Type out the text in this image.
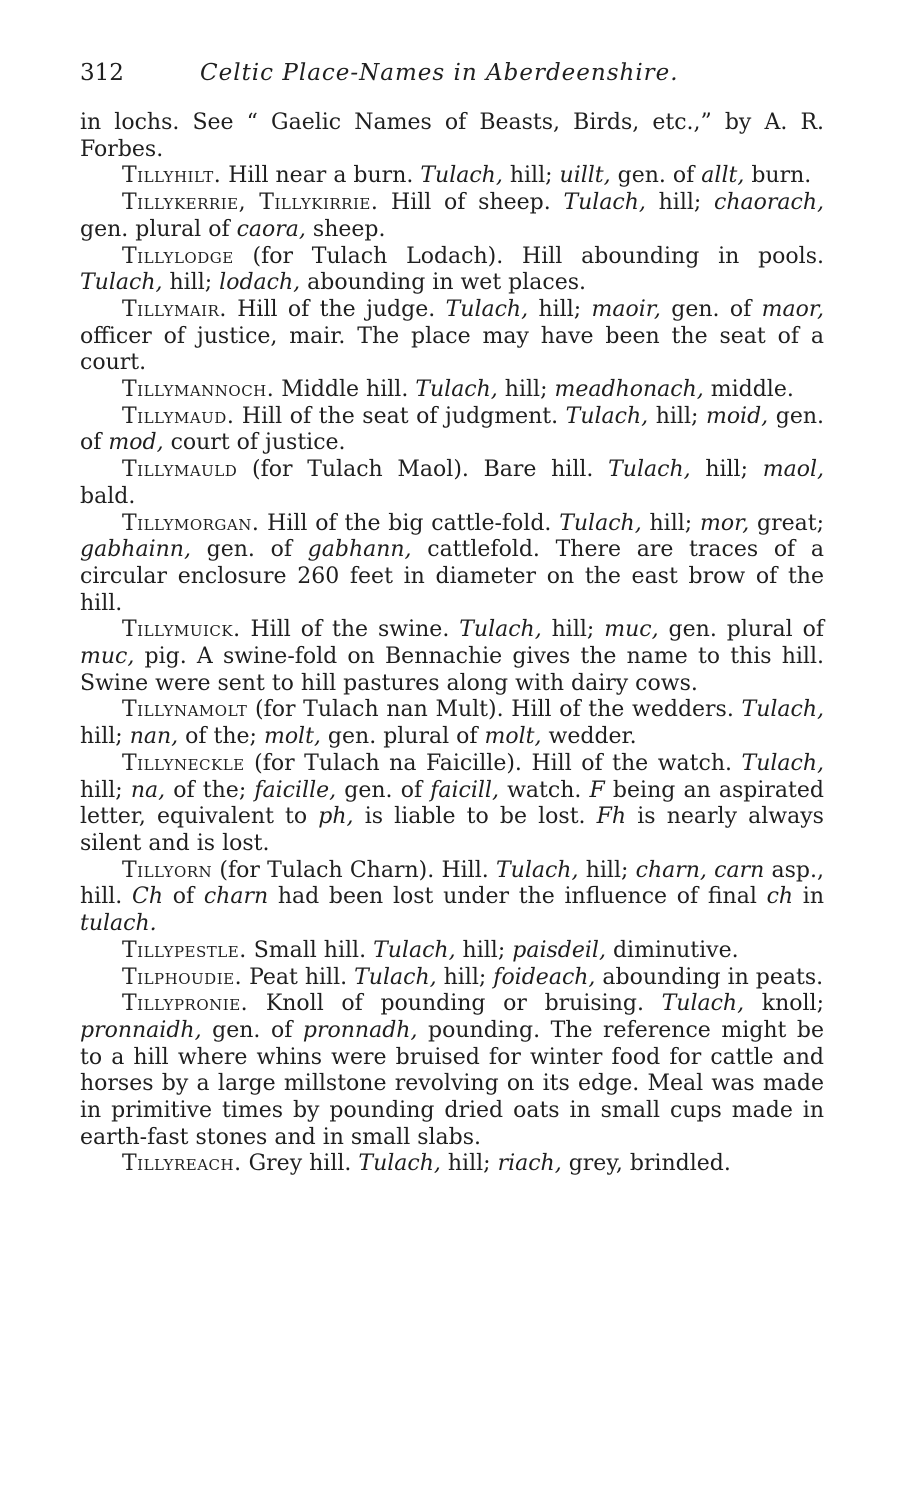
312	Celtic Place-Names in Aberdeenshire.

in lochs. See “ Gaelic Names of Beasts, Birds, etc.,” by A. R. Forbes.

Tillyhilt. Hill near a burn. Tulach, hill; uillt, gen. of allt, burn.

Tillykerrie, Tillykirrie. Hill of sheep. Tulach, hill; chaorach, gen. plural of caora, sheep.

Tillylodge (for Tulach Lodach). Hill abounding in pools. Tulach, hill; lodach, abounding in wet places.

Tillymair. Hill of the judge. Tulach, hill; maoir, gen. of maor, officer of justice, mair. The place may have been the seat of a court.

Tillymannoch. Middle hill. Tulach, hill; meadhonach, middle.

Tillymaud. Hill of the seat of judgment. Tulach, hill; moid, gen. of mod, court of justice.

Tillymauld (for Tulach Maol). Bare hill. Tulach, hill; maol, bald.

Tillymorgan. Hill of the big cattle-fold. Tulach, hill; mor, great; gabhainn, gen. of gabhann, cattlefold. There are traces of a circular enclosure 260 feet in diameter on the east brow of the hill.

Tillymuick. Hill of the swine. Tulach, hill; muc, gen. plural of muc, pig. A swine-fold on Bennachie gives the name to this hill. Swine were sent to hill pastures along with dairy cows.

Tillynamolt (for Tulach nan Mult). Hill of the wedders. Tulach, hill; nan, of the; molt, gen. plural of molt, wedder.

Tillyneckle (for Tulach na Faicille). Hill of the watch. Tulach, hill; na, of the; faicille, gen. of faicill, watch. F being an aspirated letter, equivalent to ph, is liable to be lost. Fh is nearly always silent and is lost.

Tillyorn (for Tulach Charn). Hill. Tulach, hill; charn, carn asp., hill. Ch of charn had been lost under the influence of final ch in tulach.

Tillypestle. Small hill. Tulach, hill; paisdeil, diminutive.

Tilphoudie. Peat hill. Tulach, hill; foideach, abounding in peats.

Tillypronie. Knoll of pounding or bruising. Tulach, knoll; pronnaidh, gen. of pronnadh, pounding. The reference might be to a hill where whins were bruised for winter food for cattle and horses by a large millstone revolving on its edge. Meal was made in primitive times by pounding dried oats in small cups made in earth-fast stones and in small slabs.

Tillyreach. Grey hill. Tulach, hill; riach, grey, brindled.
